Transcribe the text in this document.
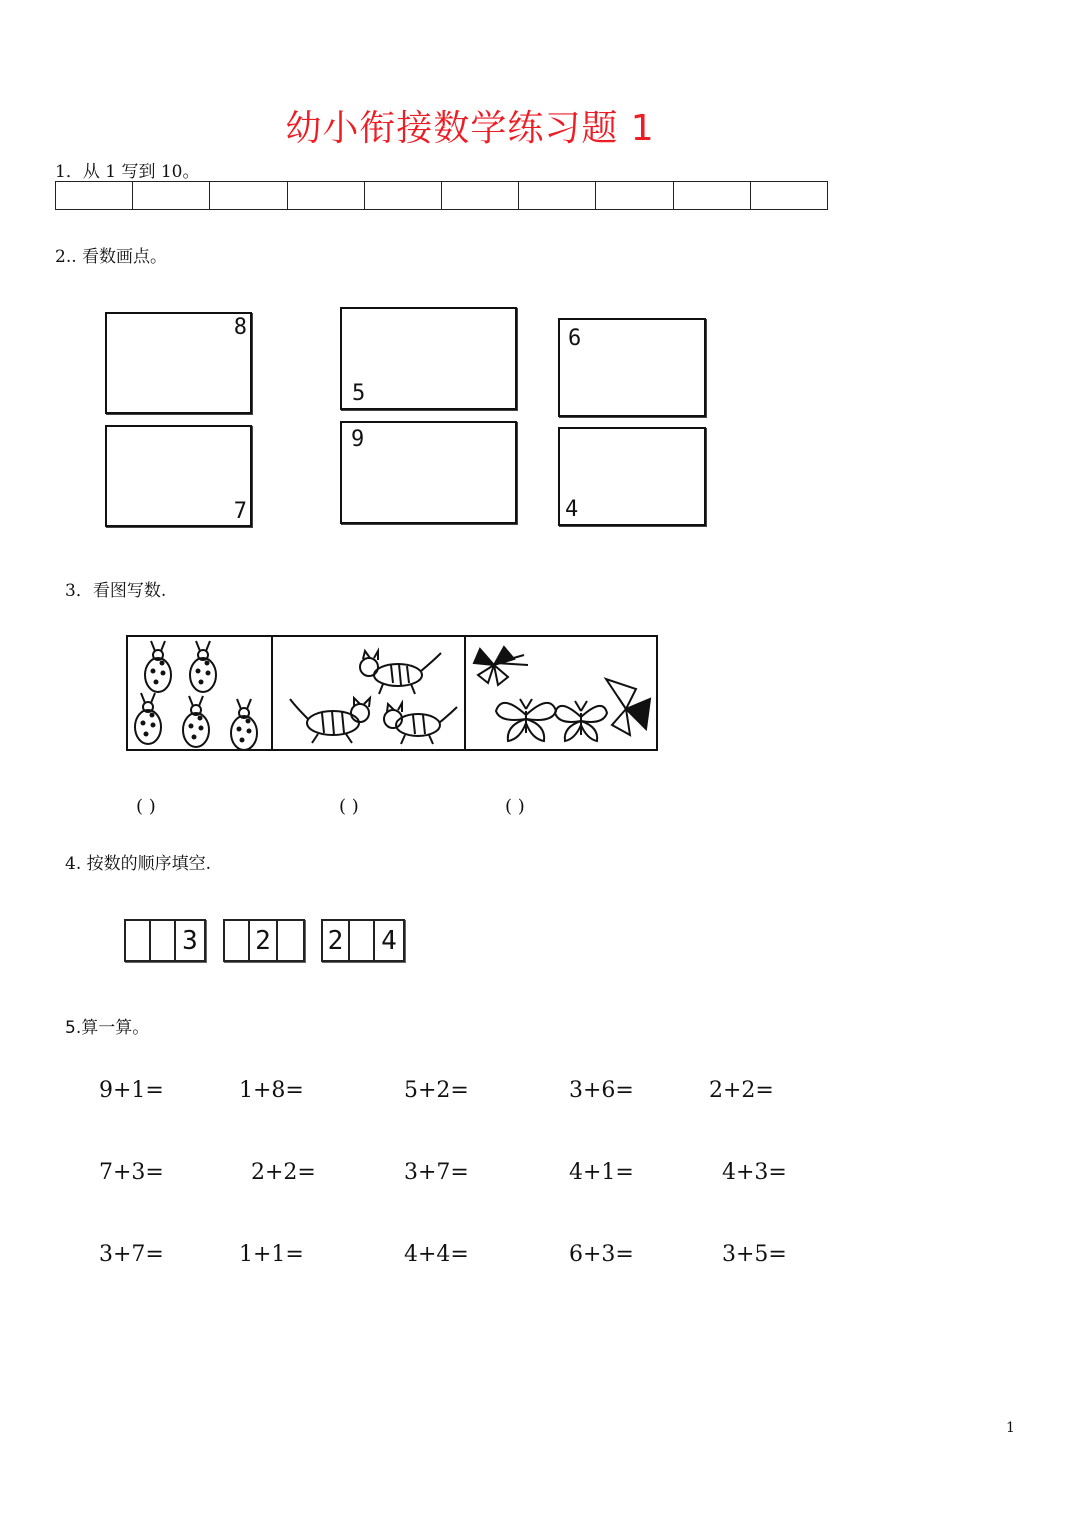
幼小衔接数学练习题 1
1．从 1 写到 10。
2.. 看数画点。
8
5
6
7
9
4
3．看图写数.
( )	( )	( )
4. 按数的顺序填空.
3 2 2 4
5.算一算。
9+1=	1+8=	5+2=	3+6=	2+2=
7+3=	2+2=	3+7=	4+1=	4+3=
3+7=	1+1=	4+4=	6+3=	3+5=
1
